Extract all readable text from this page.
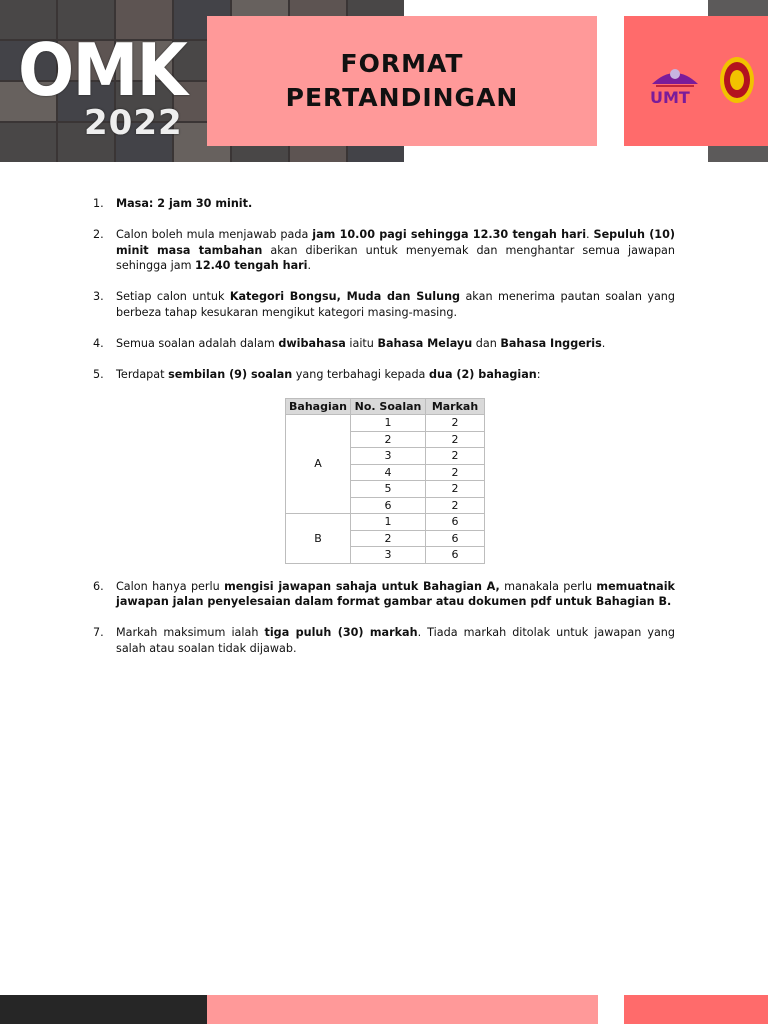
OMK
2022
FORMAT
PERTANDINGAN	UMT
1. Masa: 2 jam 30 minit.
2. Calon boleh mula menjawab pada jam 10.00 pagi sehingga 12.30 tengah hari. Sepuluh (10) minit masa tambahan akan diberikan untuk menyemak dan menghantar semua jawapan sehingga jam 12.40 tengah hari.
3. Setiap calon untuk Kategori Bongsu, Muda dan Sulung akan menerima pautan soalan yang berbeza tahap kesukaran mengikut kategori masing-masing.
4. Semua soalan adalah dalam dwibahasa iaitu Bahasa Melayu dan Bahasa Inggeris.
5. Terdapat sembilan (9) soalan yang terbahagi kepada dua (2) bahagian:
Bahagian	No. Soalan	Markah
A	1	2
	2	2
	3	2
	4	2
	5	2
	6	2
B	1	6
	2	6
	3	6
6. Calon hanya perlu mengisi jawapan sahaja untuk Bahagian A, manakala perlu memuatnaik jawapan jalan penyelesaian dalam format gambar atau dokumen pdf untuk Bahagian B.
7. Markah maksimum ialah tiga puluh (30) markah. Tiada markah ditolak untuk jawapan yang salah atau soalan tidak dijawab.
